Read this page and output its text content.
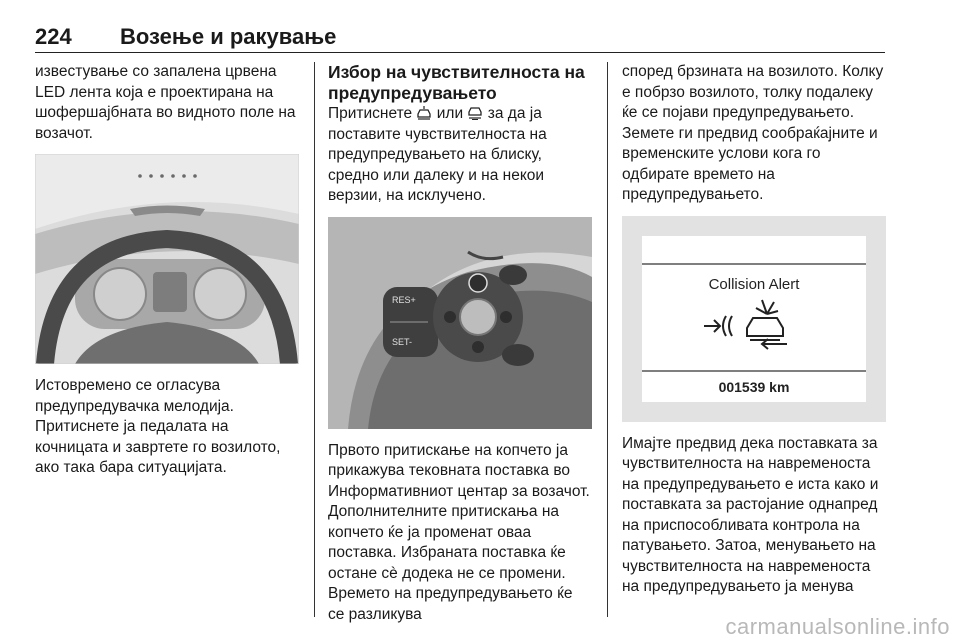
224 Возење и ракување

известување со запалена црвена LED лента која е проектирана на шофершајбната во видното поле на возачот.

Истовремено се огласува предупредувачка мелодија. Притиснете ја педалата на кочницата и завртете го возилото, ако така бара ситуацијата.

Избор на чувствителноста на предупредувањето

Притиснете  или  за да ја поставите чувствителноста на предупредувањето на блиску, средно или далеку и на некои верзии, на исклучено.

RES+
SET-

Првото притискање на копчето ја прикажува тековната поставка во Информативниот центар за возачот. Дополнителните притискања на копчето ќе ја променат оваа поставка. Избраната поставка ќе остане сè додека не се промени. Времето на предупредувањето ќе се разликува

според брзината на возилото. Колку е побрзо возилото, толку подалеку ќе се појави предупредувањето. Земете ги предвид сообраќајните и временските услови кога го одбирате времето на предупредувањето.

Collision Alert
001539 km

Имајте предвид дека поставката за чувствителноста на навременоста на предупредувањето е иста како и поставката за растојание однапред на приспособливата контрола на патувањето. Затоа, менувањето на чувствителноста на навременоста на предупредувањето ја менува

carmanualsonline.info
